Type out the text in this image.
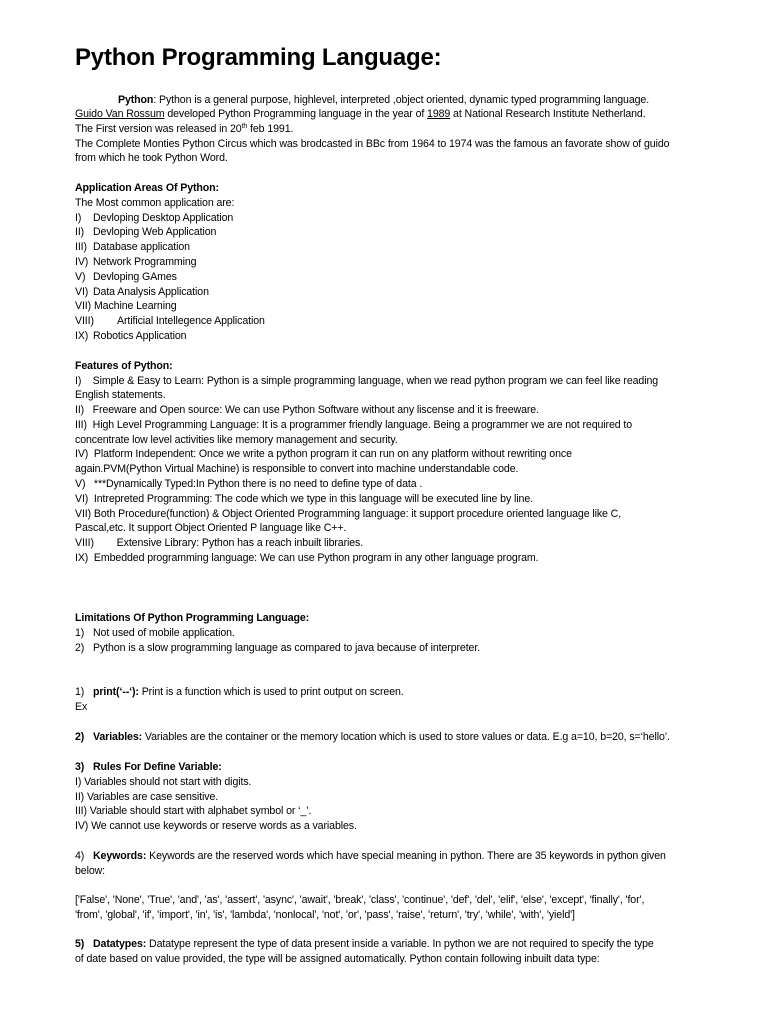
Python Programming Language:
Python: Python is a general purpose, highlevel, interpreted ,object oriented, dynamic typed programming language.
Guido Van Rossum developed Python Programming language in the year of 1989 at National Research Institute Netherland.
The First version was released in 20th feb 1991.
The Complete Monties Python Circus which was brodcasted in BBc from 1964 to 1974 was the famous an favorate show of guido
from which he took Python Word.
Application Areas Of Python:
The Most common application are:
I) Devloping Desktop Application
II) Devloping Web Application
III) Database application
IV) Network Programming
V) Devloping GAmes
VI) Data Analysis Application
VII) Machine Learning
VIII) Artificial Intellegence Application
IX) Robotics Application
Features of Python:
I)    Simple & Easy to Learn: Python is a simple programming language, when we read python program we can feel like reading
English statements.
II)   Freeware and Open source: We can use Python Software without any liscense and it is freeware.
III)  High Level Programming Language: It is a programmer friendly language. Being a programmer we are not required to
concentrate low level activities like memory management and security.
IV)  Platform Independent: Once we write a python program it can run on any platform without rewriting once
again.PVM(Python Virtual Machine) is responsible to convert into machine understandable code.
V)   ***Dynamically Typed:In Python there is no need to define type of data .
VI)  Intrepreted Programming: The code which we type in this language will be executed line by line.
VII) Both Procedure(function) & Object Oriented Programming language: it support procedure oriented language like C,
Pascal,etc. It support Object Oriented P language like C++.
VIII)        Extensive Library: Python has a reach inbuilt libraries.
IX)  Embedded programming language: We can use Python program in any other language program.
Limitations Of Python Programming Language:
1) Not used of mobile application.
2) Python is a slow programming language as compared to java because of interpreter.
1) print(‘--‘): Print is a function which is used to print output on screen.
Ex
2) Variables: Variables are the container or the memory location which is used to store values or data. E.g a=10, b=20, s=‘hello’.
3) Rules For Define Variable:
I) Variables should not start with digits.
II) Variables are case sensitive.
III) Variable should start with alphabet symbol or ‘_’.
IV) We cannot use keywords or reserve words as a variables.
4) Keywords: Keywords are the reserved words which have special meaning in python. There are 35 keywords in python given
below:
['False', 'None', 'True', 'and', 'as', 'assert', 'async', 'await', 'break', 'class', 'continue', 'def', 'del', 'elif', 'else', 'except', 'finally', 'for',
'from', 'global', 'if', 'import', 'in', 'is', 'lambda', 'nonlocal', 'not', 'or', 'pass', 'raise', 'return', 'try', 'while', 'with', 'yield']
5) Datatypes: Datatype represent the type of data present inside a variable. In python we are not required to specify the type
of date based on value provided, the type will be assigned automatically. Python contain following inbuilt data type:
